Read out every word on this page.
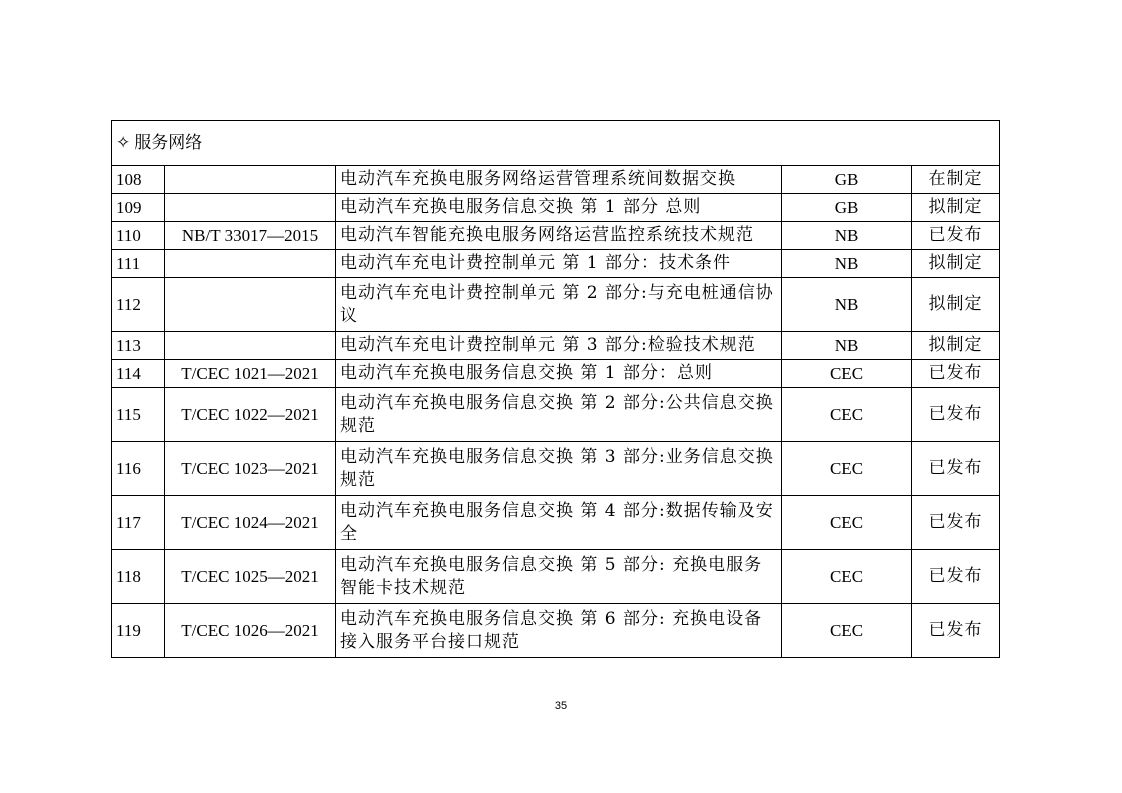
✧ 服务网络				
108		电动汽车充换电服务网络运营管理系统间数据交换	GB	在制定
109		电动汽车充换电服务信息交换 第 1 部分 总则	GB	拟制定
110	NB/T 33017—2015	电动汽车智能充换电服务网络运营监控系统技术规范	NB	已发布
111		电动汽车充电计费控制单元 第 1 部分：技术条件	NB	拟制定
112		电动汽车充电计费控制单元 第 2 部分:与充电桩通信协议	NB	拟制定
113		电动汽车充电计费控制单元 第 3 部分:检验技术规范	NB	拟制定
114	T/CEC 1021—2021	电动汽车充换电服务信息交换 第 1 部分：总则	CEC	已发布
115	T/CEC 1022—2021	电动汽车充换电服务信息交换 第 2 部分:公共信息交换规范	CEC	已发布
116	T/CEC 1023—2021	电动汽车充换电服务信息交换 第 3 部分:业务信息交换规范	CEC	已发布
117	T/CEC 1024—2021	电动汽车充换电服务信息交换 第 4 部分:数据传输及安全	CEC	已发布
118	T/CEC 1025—2021	电动汽车充换电服务信息交换 第 5 部分: 充换电服务智能卡技术规范	CEC	已发布
119	T/CEC 1026—2021	电动汽车充换电服务信息交换 第 6 部分: 充换电设备接入服务平台接口规范	CEC	已发布
35
